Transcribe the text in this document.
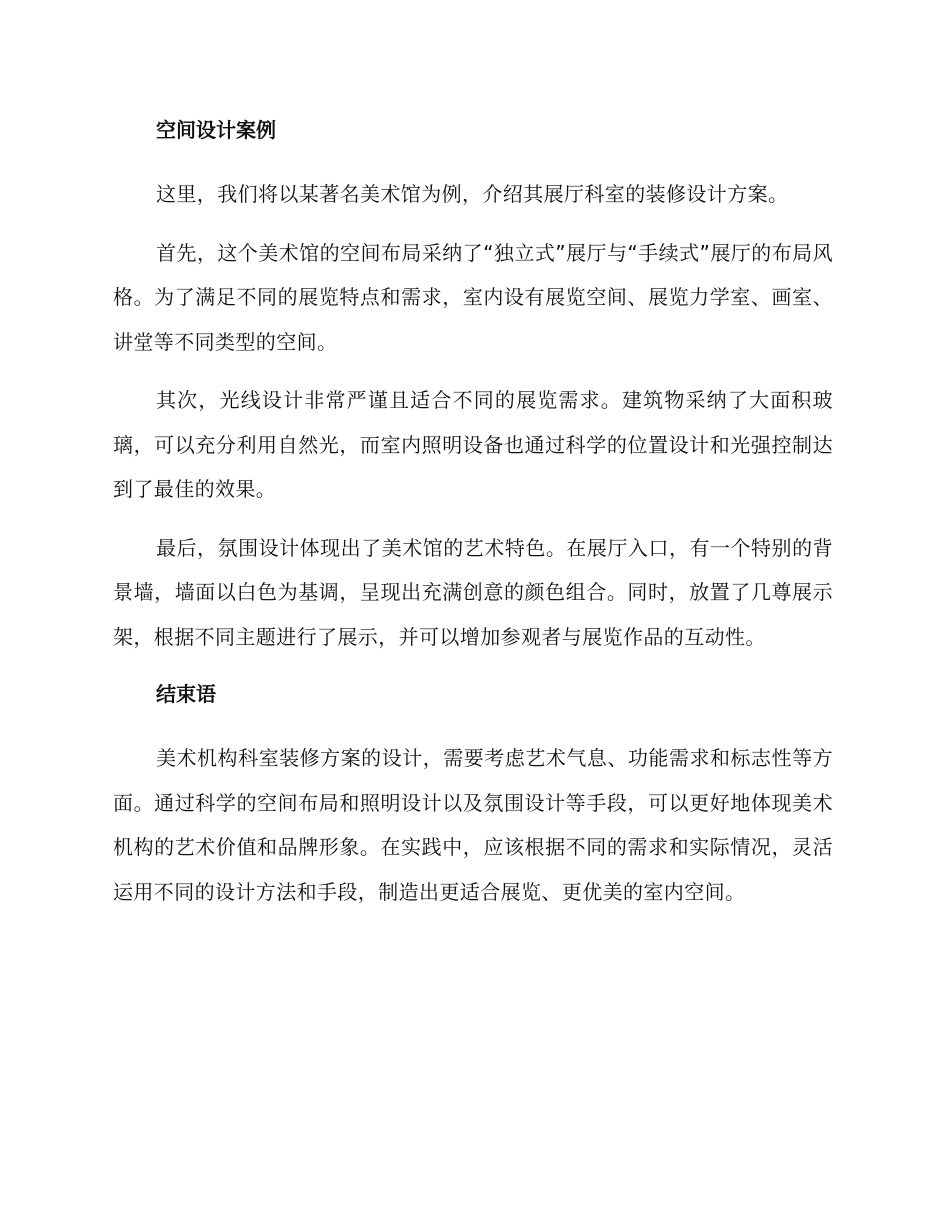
空间设计案例

这里，我们将以某著名美术馆为例，介绍其展厅科室的装修设计方案。

首先，这个美术馆的空间布局采纳了“独立式”展厅与“手续式”展厅的布局风格。为了满足不同的展览特点和需求，室内设有展览空间、展览力学室、画室、讲堂等不同类型的空间。

其次，光线设计非常严谨且适合不同的展览需求。建筑物采纳了大面积玻璃，可以充分利用自然光，而室内照明设备也通过科学的位置设计和光强控制达到了最佳的效果。

最后，氛围设计体现出了美术馆的艺术特色。在展厅入口，有一个特别的背景墙，墙面以白色为基调，呈现出充满创意的颜色组合。同时，放置了几尊展示架，根据不同主题进行了展示，并可以增加参观者与展览作品的互动性。

结束语

美术机构科室装修方案的设计，需要考虑艺术气息、功能需求和标志性等方面。通过科学的空间布局和照明设计以及氛围设计等手段，可以更好地体现美术机构的艺术价值和品牌形象。在实践中，应该根据不同的需求和实际情况，灵活运用不同的设计方法和手段，制造出更适合展览、更优美的室内空间。
